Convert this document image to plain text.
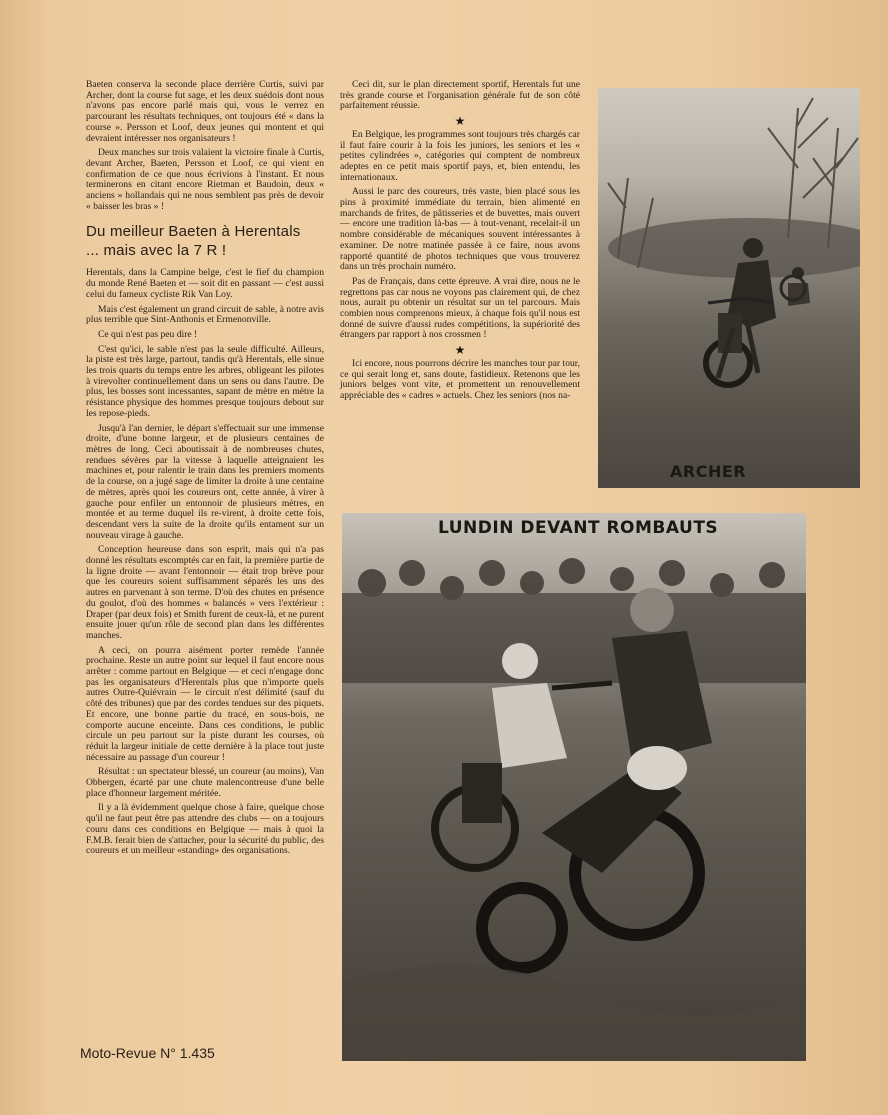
Baeten conserva la seconde place derrière Curtis, suivi par Archer, dont la course fut sage, et les deux suédois dont nous n'avons pas encore parlé mais qui, vous le verrez en parcourant les résultats techniques, ont toujours été « dans la course ». Persson et Loof, deux jeunes qui montent et qui devraient intéresser nos organisateurs !

Deux manches sur trois valaient la victoire finale à Curtis, devant Archer, Baeten, Persson et Loof, ce qui vient en confirmation de ce que nous écrivions à l'instant. Et nous terminerons en citant encore Rietman et Baudoin, deux « anciens » hollandais qui ne nous semblent pas près de devoir « baisser les bras » !

Du meilleur Baeten à Herentals
... mais avec la 7 R !

Herentals, dans la Campine belge, c'est le fief du champion du monde René Baeten et — soit dit en passant — c'est aussi celui du fameux cycliste Rik Van Loy.

Mais c'est également un grand circuit de sable, à notre avis plus terrible que Sint-Anthonis et Ermenonville.

Ce qui n'est pas peu dire !

C'est qu'ici, le sable n'est pas la seule difficulté. Ailleurs, la piste est très large, partout, tandis qu'à Herentals, elle sinue les trois quarts du temps entre les arbres, obligeant les pilotes à virevolter continuellement dans un sens ou dans l'autre. De plus, les bosses sont incessantes, sapant de mètre en mètre la résistance physique des hommes presque toujours debout sur les repose-pieds.

Jusqu'à l'an dernier, le départ s'effectuait sur une immense droite, d'une bonne largeur, et de plusieurs centaines de mètres de long. Ceci aboutissait à de nombreuses chutes, rendues sévères par la vitesse à laquelle atteignaient les machines et, pour ralentir le train dans les premiers moments de la course, on a jugé sage de limiter la droite à une centaine de mètres, après quoi les coureurs ont, cette année, à virer à gauche pour enfiler un entonnoir de plusieurs mètres, en montée et au terme duquel ils re-virent, à droite cette fois, descendant vers la suite de la droite qu'ils entament sur un nouveau virage à gauche.

Conception heureuse dans son esprit, mais qui n'a pas donné les résultats escomptés car en fait, la première partie de la ligne droite — avant l'entonnoir — était trop brève pour que les coureurs soient suffisamment séparés les uns des autres en parvenant à son terme. D'où des chutes en présence du goulot, d'où des hommes « balancés » vers l'extérieur : Draper (par deux fois) et Smith furent de ceux-là, et ne purent ensuite jouer qu'un rôle de second plan dans les différentes manches.

A ceci, on pourra aisément porter remède l'année prochaine. Reste un autre point sur lequel il faut encore nous arrêter : comme partout en Belgique — et ceci n'engage donc pas les organisateurs d'Herentals plus que n'importe quels autres Outre-Quiévrain — le circuit n'est délimité (sauf du côté des tribunes) que par des cordes tendues sur des piquets. Et encore, une bonne partie du tracé, en sous-bois, ne comporte aucune enceinte. Dans ces conditions, le public circule un peu partout sur la piste durant les courses, où réduit la largeur initiale de cette dernière à la place tout juste nécessaire au passage d'un coureur !

Résultat : un spectateur blessé, un coureur (au moins), Van Obbergen, écarté par une chute malencontreuse d'une belle place d'honneur largement méritée.

Il y a là évidemment quelque chose à faire, quelque chose qu'il ne faut peut être pas attendre des clubs — on a toujours couru dans ces conditions en Belgique — mais à quoi la F.M.B. ferait bien de s'attacher, pour la sécurité du public, des coureurs et un meilleur «standing» des organisations.

Ceci dit, sur le plan directement sportif, Herentals fut une très grande course et l'organisation générale fut de son côté parfaitement réussie.

★

En Belgique, les programmes sont toujours très chargés car il faut faire courir à la fois les juniors, les seniors et les « petites cylindrées », catégories qui comptent de nombreux adeptes en ce petit mais sportif pays, et, bien entendu, les internationaux.

Aussi le parc des coureurs, très vaste, bien placé sous les pins à proximité immédiate du terrain, bien alimenté en marchands de frites, de pâtisseries et de buvettes, mais ouvert — encore une tradition là-bas — à tout-venant, recelait-il un nombre considérable de mécaniques souvent intéressantes à examiner. De notre matinée passée à ce faire, nous avons rapporté quantité de photos techniques que vous trouverez dans un très prochain numéro.

Pas de Français, dans cette épreuve. A vrai dire, nous ne le regrettons pas car nous ne voyons pas clairement qui, de chez nous, aurait pu obtenir un résultat sur un tel parcours. Mais combien nous comprenons mieux, à chaque fois qu'il nous est donné de suivre d'aussi rudes compétitions, la supériorité des étrangers par rapport à nos crossmen !

★

Ici encore, nous pourrons décrire les manches tour par tour, ce qui serait long et, sans doute, fastidieux. Retenons que les juniors belges vont vite, et promettent un renouvellement appréciable des « cadres » actuels. Chez les seniors (nos na-

ARCHER
LUNDIN DEVANT ROMBAUTS
Moto-Revue N° 1.435
